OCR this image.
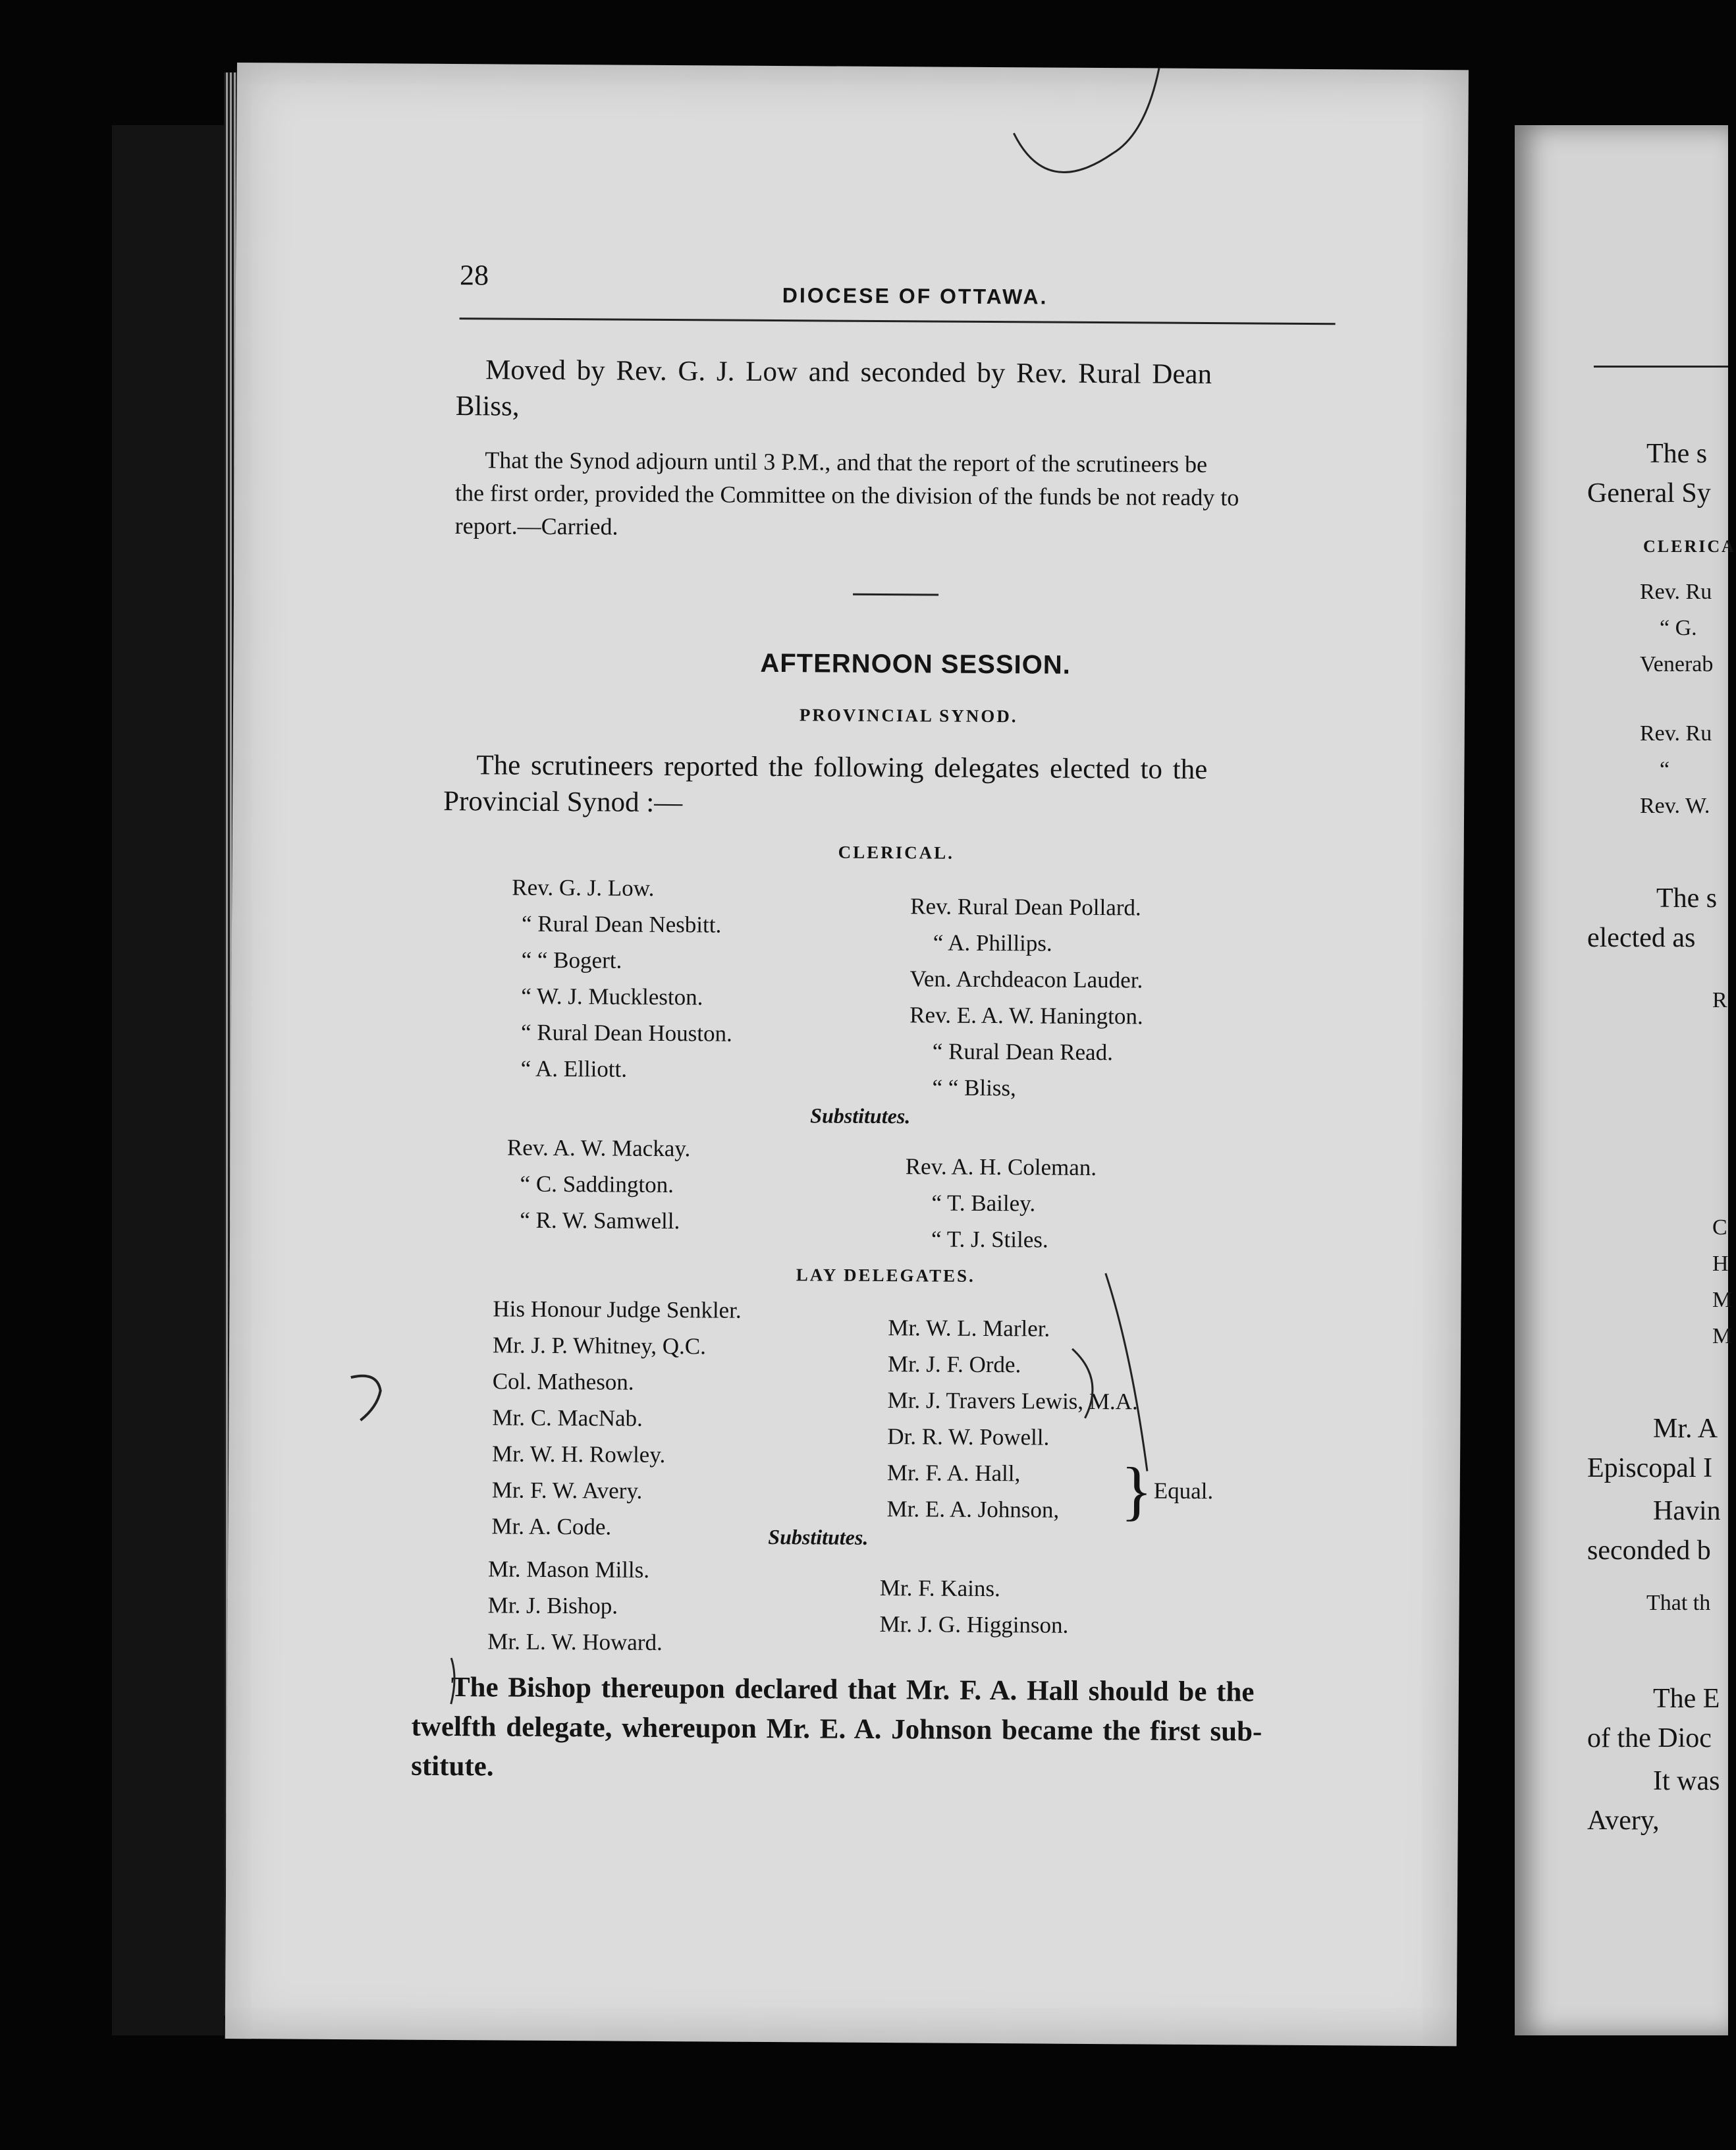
28
DIOCESE OF OTTAWA.
Moved by Rev. G. J. Low and seconded by Rev. Rural Dean
Bliss,
That the Synod adjourn until 3 P.M., and that the report of the scrutineers be
the first order, provided the Committee on the division of the funds be not ready to
report.—Carried.
AFTERNOON SESSION.
PROVINCIAL SYNOD.
The scrutineers reported the following delegates elected to the
Provincial Synod :—
CLERICAL.
Rev. G. J. Low.
“ Rural Dean Nesbitt.
“ “ Bogert.
“ W. J. Muckleston.
“ Rural Dean Houston.
“ A. Elliott.
Rev. Rural Dean Pollard.
“ A. Phillips.
Ven. Archdeacon Lauder.
Rev. E. A. W. Hanington.
“ Rural Dean Read.
“ “ Bliss,
Substitutes.
Rev. A. W. Mackay.
“ C. Saddington.
“ R. W. Samwell.
Rev. A. H. Coleman.
“ T. Bailey.
“ T. J. Stiles.
LAY DELEGATES.
His Honour Judge Senkler.
Mr. J. P. Whitney, Q.C.
Col. Matheson.
Mr. C. MacNab.
Mr. W. H. Rowley.
Mr. F. W. Avery.
Mr. A. Code.
Mr. W. L. Marler.
Mr. J. F. Orde.
Mr. J. Travers Lewis, M.A.
Dr. R. W. Powell.
Mr. F. A. Hall,
Mr. E. A. Johnson, } Equal.
Substitutes.
Mr. Mason Mills.
Mr. J. Bishop.
Mr. L. W. Howard.
Mr. F. Kains.
Mr. J. G. Higginson.
The Bishop thereupon declared that Mr. F. A. Hall should be the
twelfth delegate, whereupon Mr. E. A. Johnson became the first sub-
stitute.
The s
General Sy
CLERICA
Rev. Ru
“ G.
Venerab
Rev. Ru
“
Rev. W.
The s
elected as
R
C
H
M
M
Mr. A
Episcopal I
Havin
seconded b
That th
The E
of the Dioc
It was
Avery,
